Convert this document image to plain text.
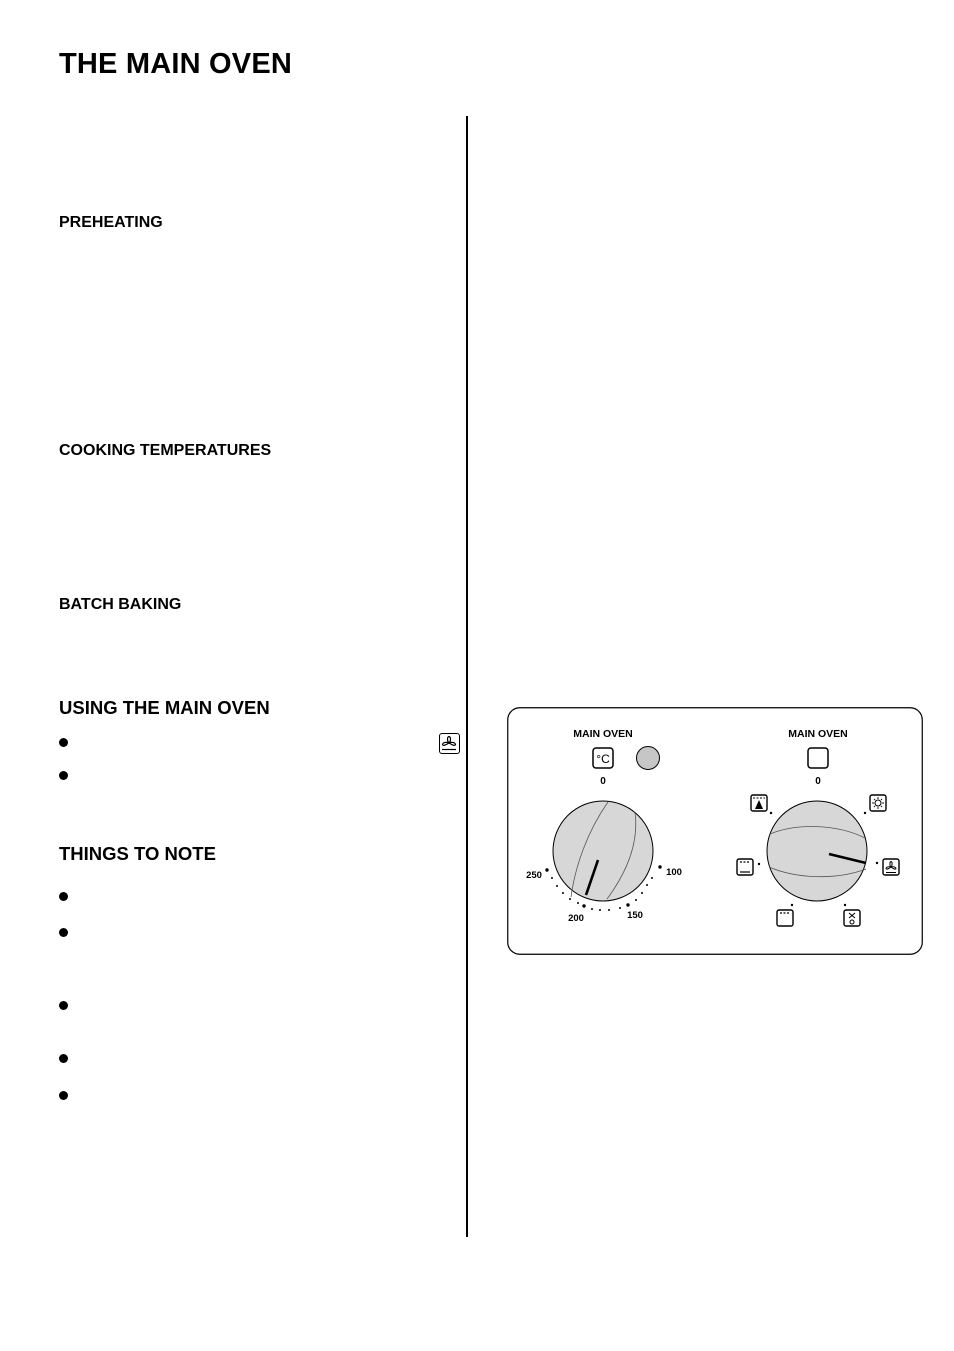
THE MAIN OVEN
PREHEATING
COOKING TEMPERATURES
BATCH BAKING
USING THE MAIN OVEN
THINGS TO NOTE
MAIN OVEN
°C
0
250
200	150
100
MAIN OVEN
0
